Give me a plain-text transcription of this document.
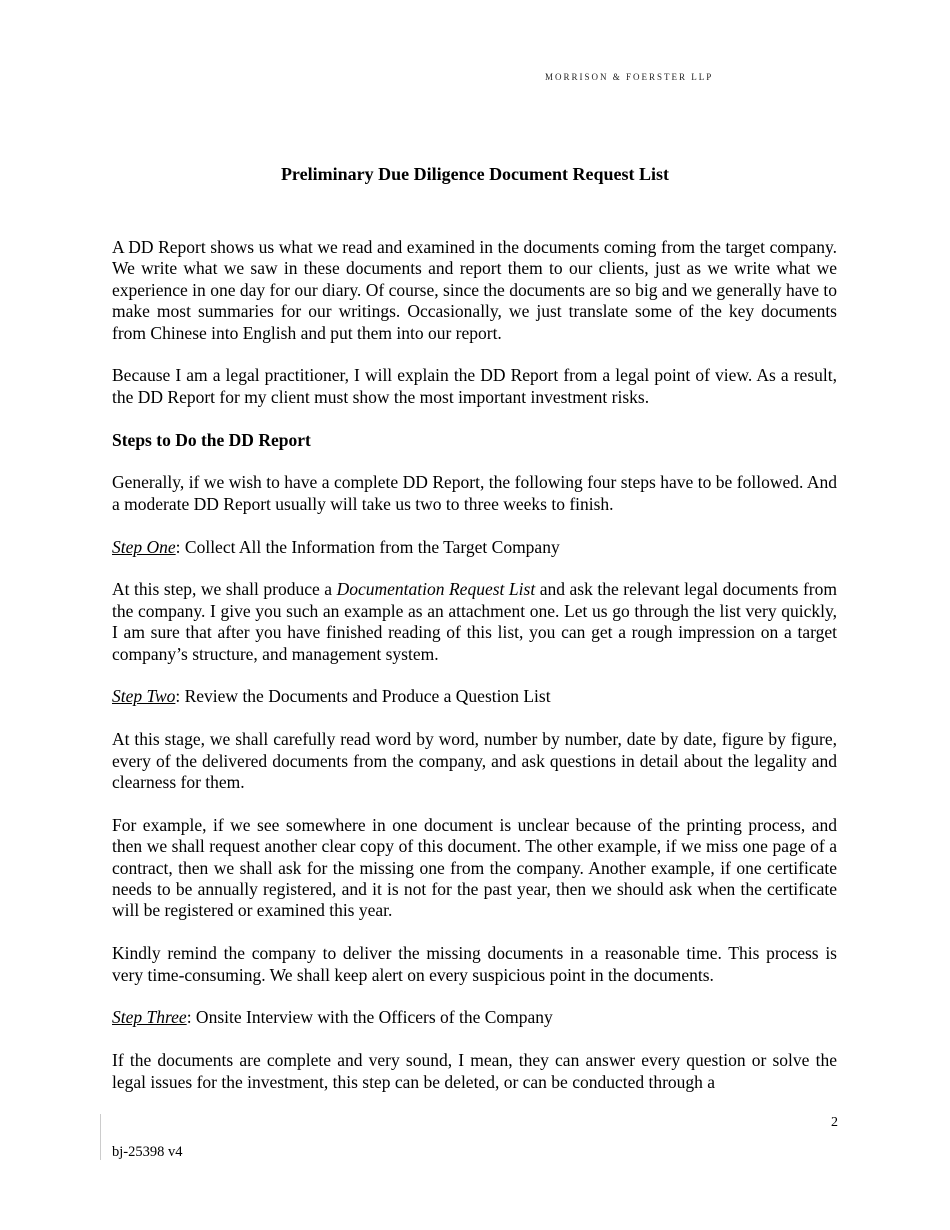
MORRISON & FOERSTER LLP
Preliminary Due Diligence Document Request List

A DD Report shows us what we read and examined in the documents coming from the target company. We write what we saw in these documents and report them to our clients, just as we write what we experience in one day for our diary. Of course, since the documents are so big and we generally have to make most summaries for our writings. Occasionally, we just translate some of the key documents from Chinese into English and put them into our report.

Because I am a legal practitioner, I will explain the DD Report from a legal point of view. As a result, the DD Report for my client must show the most important investment risks.

Steps to Do the DD Report

Generally, if we wish to have a complete DD Report, the following four steps have to be followed. And a moderate DD Report usually will take us two to three weeks to finish.

Step One: Collect All the Information from the Target Company

At this step, we shall produce a Documentation Request List and ask the relevant legal documents from the company. I give you such an example as an attachment one. Let us go through the list very quickly, I am sure that after you have finished reading of this list, you can get a rough impression on a target company’s structure, and management system.

Step Two: Review the Documents and Produce a Question List

At this stage, we shall carefully read word by word, number by number, date by date, figure by figure, every of the delivered documents from the company, and ask questions in detail about the legality and clearness for them.

For example, if we see somewhere in one document is unclear because of the printing process, and then we shall request another clear copy of this document. The other example, if we miss one page of a contract, then we shall ask for the missing one from the company. Another example, if one certificate needs to be annually registered, and it is not for the past year, then we should ask when the certificate will be registered or examined this year.

Kindly remind the company to deliver the missing documents in a reasonable time. This process is very time-consuming. We shall keep alert on every suspicious point in the documents.

Step Three: Onsite Interview with the Officers of the Company

If the documents are complete and very sound, I mean, they can answer every question or solve the legal issues for the investment, this step can be deleted, or can be conducted through a

2
bj-25398 v4
